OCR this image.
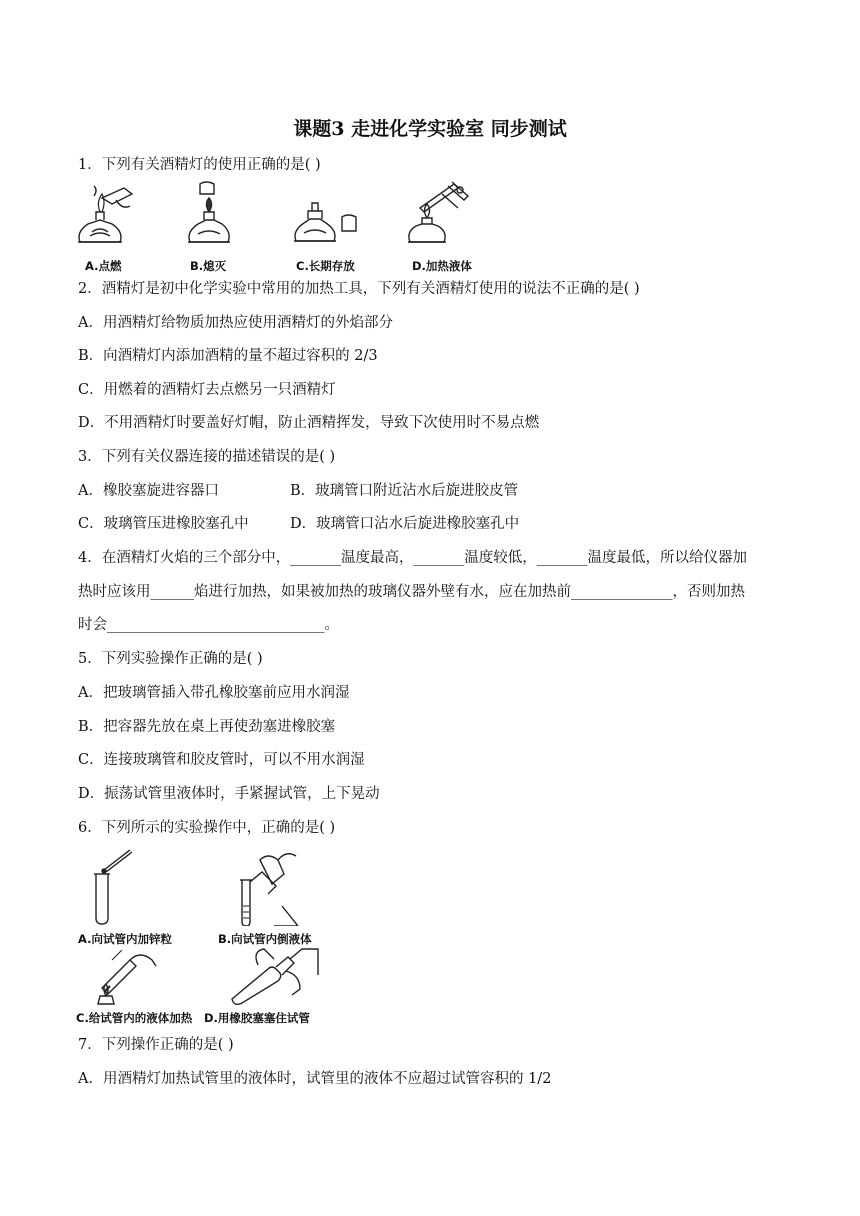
课题3 走进化学实验室 同步测试
1．下列有关酒精灯的使用正确的是( )
A.点燃	B.熄灭	C.长期存放	D.加热液体
2．酒精灯是初中化学实验中常用的加热工具，下列有关酒精灯使用的说法不正确的是( )
A．用酒精灯给物质加热应使用酒精灯的外焰部分
B．向酒精灯内添加酒精的量不超过容积的 2/3
C．用燃着的酒精灯去点燃另一只酒精灯
D．不用酒精灯时要盖好灯帽，防止酒精挥发，导致下次使用时不易点燃
3．下列有关仪器连接的描述错误的是( )
A．橡胶塞旋进容器口	B．玻璃管口附近沾水后旋进胶皮管
C．玻璃管压进橡胶塞孔中	D．玻璃管口沾水后旋进橡胶塞孔中
4．在酒精灯火焰的三个部分中，_______温度最高，_______温度较低，_______温度最低，所以给仪器加
热时应该用______焰进行加热，如果被加热的玻璃仪器外壁有水，应在加热前______________，否则加热
时会______________________________。
5．下列实验操作正确的是( )
A．把玻璃管插入带孔橡胶塞前应用水润湿
B．把容器先放在桌上再使劲塞进橡胶塞
C．连接玻璃管和胶皮管时，可以不用水润湿
D．振荡试管里液体时，手紧握试管，上下晃动
6．下列所示的实验操作中，正确的是( )
A.向试管内加锌粒	B.向试管内倒液体
C.给试管内的液体加热 D.用橡胶塞塞住试管
7．下列操作正确的是( )
A．用酒精灯加热试管里的液体时，试管里的液体不应超过试管容积的 1/2
